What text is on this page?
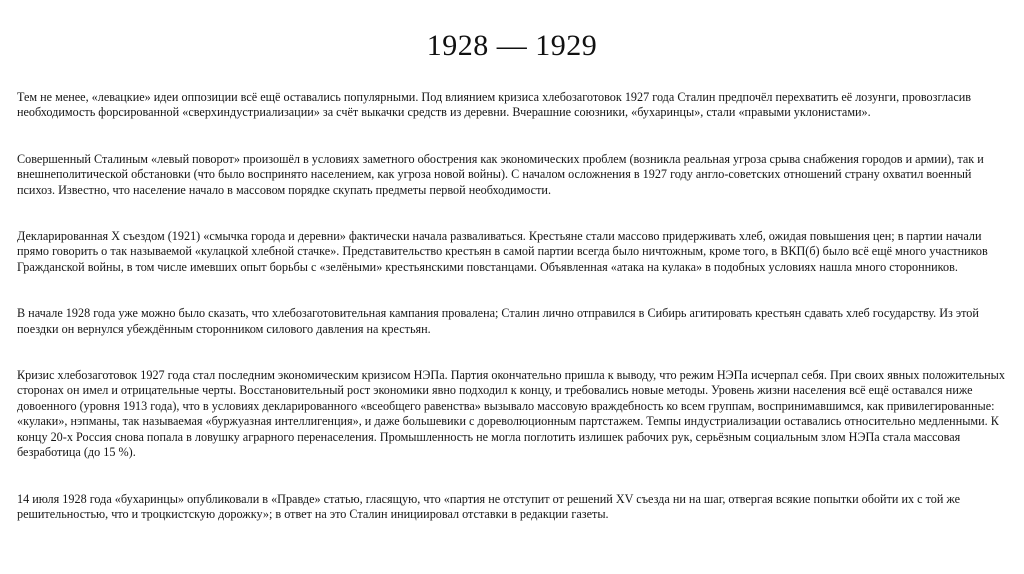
1928 — 1929

Тем не менее, «левацкие» идеи оппозиции всё ещё оставались популярными. Под влиянием кризиса хлебозаготовок 1927 года Сталин предпочёл перехватить её лозунги, провозгласив необходимость форсированной «сверхиндустриализации» за счёт выкачки средств из деревни. Вчерашние союзники, «бухаринцы», стали «правыми уклонистами».

Совершенный Сталиным «левый поворот» произошёл в условиях заметного обострения как экономических проблем (возникла реальная угроза срыва снабжения городов и армии), так и внешнеполитической обстановки (что было воспринято населением, как угроза новой войны). С началом осложнения в 1927 году англо-советских отношений страну охватил военный психоз. Известно, что население начало в массовом порядке скупать предметы первой необходимости.

Декларированная X съездом (1921) «смычка города и деревни» фактически начала разваливаться. Крестьяне стали массово придерживать хлеб, ожидая повышения цен; в партии начали прямо говорить о так называемой «кулацкой хлебной стачке». Представительство крестьян в самой партии всегда было ничтожным, кроме того, в ВКП(б) было всё ещё много участников Гражданской войны, в том числе имевших опыт борьбы с «зелёными» крестьянскими повстанцами. Объявленная «атака на кулака» в подобных условиях нашла много сторонников.

В начале 1928 года уже можно было сказать, что хлебозаготовительная кампания провалена; Сталин лично отправился в Сибирь агитировать крестьян сдавать хлеб государству. Из этой поездки он вернулся убеждённым сторонником силового давления на крестьян.

Кризис хлебозаготовок 1927 года стал последним экономическим кризисом НЭПа. Партия окончательно пришла к выводу, что режим НЭПа исчерпал себя. При своих явных положительных сторонах он имел и отрицательные черты. Восстановительный рост экономики явно подходил к концу, и требовались новые методы. Уровень жизни населения всё ещё оставался ниже довоенного (уровня 1913 года), что в условиях декларированного «всеобщего равенства» вызывало массовую враждебность ко всем группам, воспринимавшимся, как привилегированные: «кулаки», нэпманы, так называемая «буржуазная интеллигенция», и даже большевики с дореволюционным партстажем. Темпы индустриализации оставались относительно медленными. К концу 20-х Россия снова попала в ловушку аграрного перенаселения. Промышленность не могла поглотить излишек рабочих рук, серьёзным социальным злом НЭПа стала массовая безработица (до 15 %).

14 июля 1928 года «бухаринцы» опубликовали в «Правде» статью, гласящую, что «партия не отступит от решений XV съезда ни на шаг, отвергая всякие попытки обойти их с той же решительностью, что и троцкистскую дорожку»; в ответ на это Сталин инициировал отставки в редакции газеты.
